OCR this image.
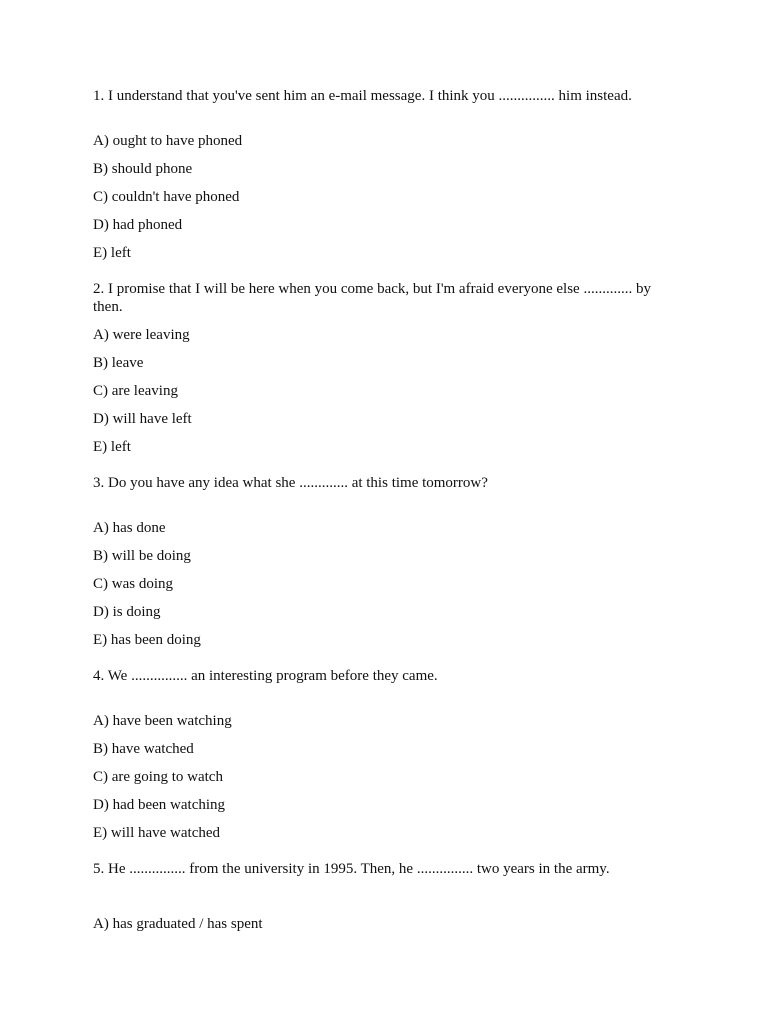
1. I understand that you've sent him an e-mail message. I think you ............... him instead.

A) ought to have phoned

B) should phone

C) couldn't have phoned

D) had phoned

E) left

2. I promise that I will be here when you come back, but I'm afraid everyone else ............. by then.

A) were leaving

B) leave

C) are leaving

D) will have left

E) left

3. Do you have any idea what she ............. at this time tomorrow?

A) has done

B) will be doing

C) was doing

D) is doing

E) has been doing

4. We ............... an interesting program before they came.

A) have been watching

B) have watched

C) are going to watch

D) had been watching

E) will have watched

5. He ............... from the university in 1995. Then, he ............... two years in the army.

A) has graduated / has spent
